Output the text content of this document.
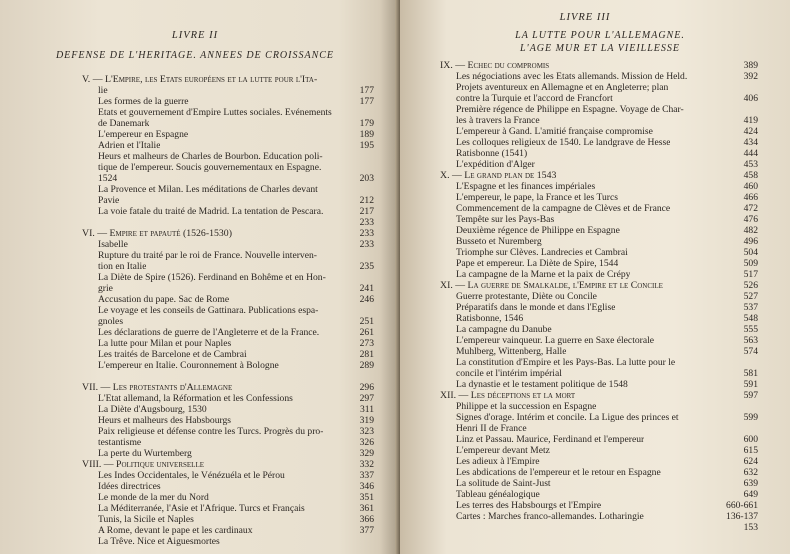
LIVRE II
DEFENSE DE L'HERITAGE. ANNEES DE CROISSANCE
V. — L'Empire, les Etats européens et la lutte pour l'Ita-
lie	177
Les formes de la guerre	177
Etats et gouvernement d'Empire Luttes sociales. Evénements
de Danemark	179
L'empereur en Espagne	189
Adrien et l'Italie	195
Heurs et malheurs de Charles de Bourbon. Education poli-
tique de l'empereur. Soucis gouvernementaux en Espagne.
1524	203
La Provence et Milan. Les méditations de Charles devant
Pavie	212
La voie fatale du traité de Madrid. La tentation de Pescara.	217
233
VI. — Empire et papauté (1526-1530)	233
Isabelle	233
Rupture du traité par le roi de France. Nouvelle interven-
tion en Italie	235
La Diète de Spire (1526). Ferdinand en Bohême et en Hon-
grie	241
Accusation du pape. Sac de Rome	246
Le voyage et les conseils de Gattinara. Publications espa-
gnoles	251
Les déclarations de guerre de l'Angleterre et de la France.	261
La lutte pour Milan et pour Naples	273
Les traités de Barcelone et de Cambrai	281
L'empereur en Italie. Couronnement à Bologne	289
VII. — Les protestants d'Allemagne	296
L'Etat allemand, la Réformation et les Confessions	297
La Diète d'Augsbourg, 1530	311
Heurs et malheurs des Habsbourgs	319
Paix religieuse et défense contre les Turcs. Progrès du pro-	323
testantisme	326
La perte du Wurtemberg	329
VIII. — Politique universelle	332
Les Indes Occidentales, le Vénézuéla et le Pérou	337
Idées directrices	346
Le monde de la mer du Nord	351
La Méditerranée, l'Asie et l'Afrique. Turcs et Français	361
Tunis, la Sicile et Naples	366
A Rome, devant le pape et les cardinaux	377
La Trêve. Nice et Aiguesmortes
LIVRE III
LA LUTTE POUR L'ALLEMAGNE.
L'AGE MUR ET LA VIEILLESSE
IX. — Echec du compromis	389
Les négociations avec les Etats allemands. Mission de Held.	392
Projets aventureux en Allemagne et en Angleterre; plan
contre la Turquie et l'accord de Francfort	406
Première régence de Philippe en Espagne. Voyage de Char-
les à travers la France	419
L'empereur à Gand. L'amitié française compromise	424
Les colloques religieux de 1540. Le landgrave de Hesse	434
Ratisbonne (1541)	444
L'expédition d'Alger	453
X. — Le grand plan de 1543	458
L'Espagne et les finances impériales	460
L'empereur, le pape, la France et les Turcs	466
Commencement de la campagne de Clèves et de France	472
Tempête sur les Pays-Bas	476
Deuxième régence de Philippe en Espagne	482
Busseto et Nuremberg	496
Triomphe sur Clèves. Landrecies et Cambrai	504
Pape et empereur. La Diète de Spire, 1544	509
La campagne de la Marne et la paix de Crépy	517
XI. — La guerre de Smalkalde, l'Empire et le Concile	526
Guerre protestante, Diète ou Concile	527
Préparatifs dans le monde et dans l'Eglise	537
Ratisbonne, 1546	548
La campagne du Danube	555
L'empereur vainqueur. La guerre en Saxe électorale	563
Muhlberg, Wittenberg, Halle	574
La constitution d'Empire et les Pays-Bas. La lutte pour le
concile et l'intérim impérial	581
La dynastie et le testament politique de 1548	591
XII. — Les déceptions et la mort	597
Philippe et la succession en Espagne
Signes d'orage. Intérim et concile. La Ligue des princes et	599
Henri II de France
Linz et Passau. Maurice, Ferdinand et l'empereur	600
L'empereur devant Metz	615
Les adieux à l'Empire	624
Les abdications de l'empereur et le retour en Espagne	632
La solitude de Saint-Just	639
Tableau généalogique	649
Les terres des Habsbourgs et l'Empire	660-661
Cartes : Marches franco-allemandes. Lotharingie	136-137
153
